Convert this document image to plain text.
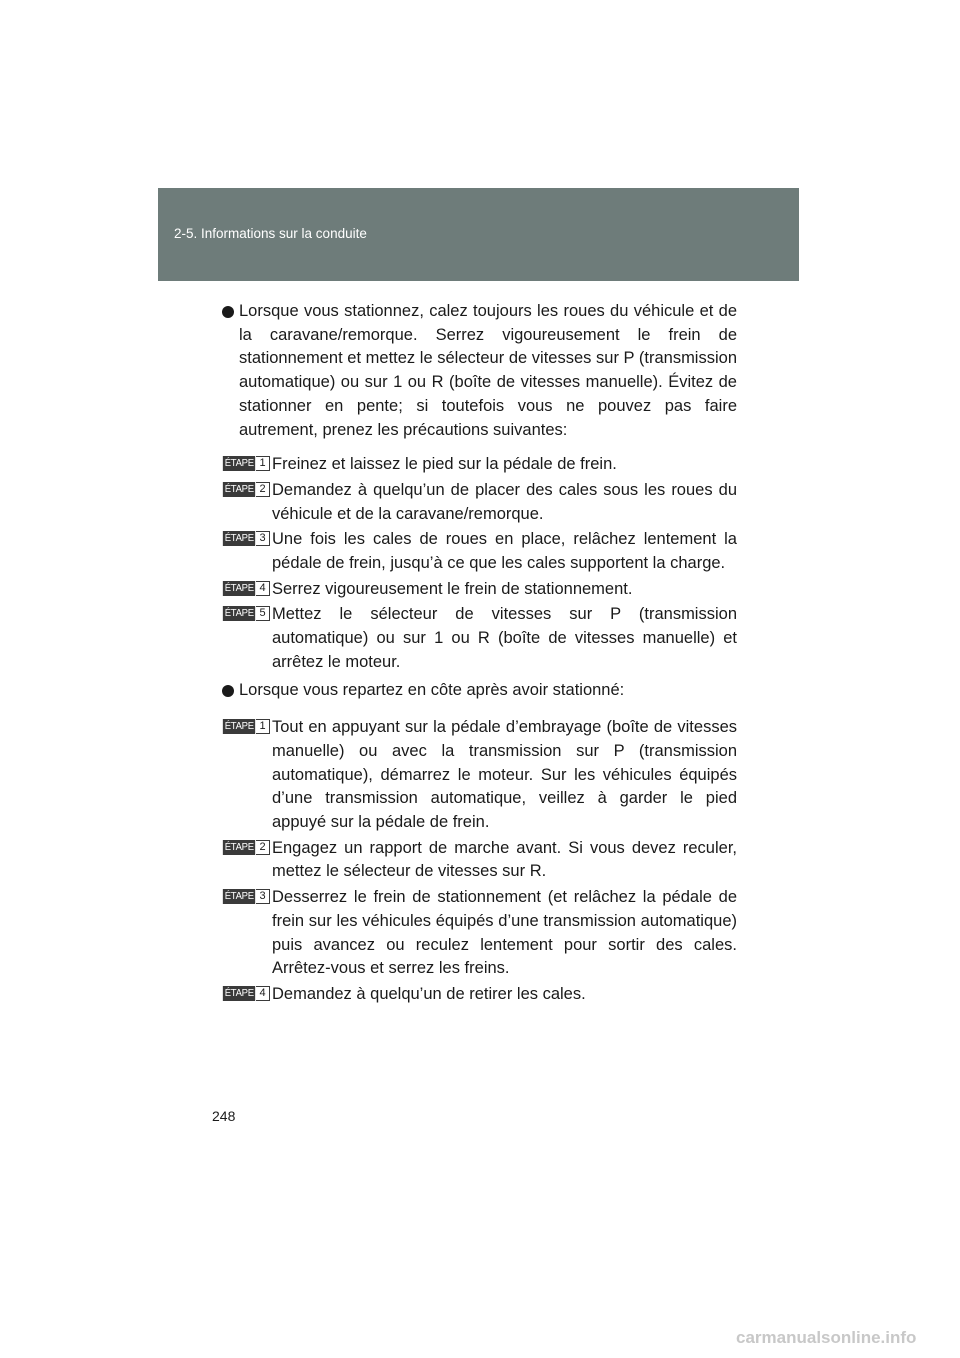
2-5. Informations sur la conduite
Lorsque vous stationnez, calez toujours les roues du véhicule et de la caravane/remorque. Serrez vigoureusement le frein de stationnement et mettez le sélecteur de vitesses sur P (transmission automatique) ou sur 1 ou R (boîte de vitesses manuelle). Évitez de stationner en pente; si toutefois vous ne pouvez pas faire autrement, prenez les précautions suivantes:
ÉTAPE 1 Freinez et laissez le pied sur la pédale de frein.
ÉTAPE 2 Demandez à quelqu’un de placer des cales sous les roues du véhicule et de la caravane/remorque.
ÉTAPE 3 Une fois les cales de roues en place, relâchez lentement la pédale de frein, jusqu’à ce que les cales supportent la charge.
ÉTAPE 4 Serrez vigoureusement le frein de stationnement.
ÉTAPE 5 Mettez le sélecteur de vitesses sur P (transmission automatique) ou sur 1 ou R (boîte de vitesses manuelle) et arrêtez le moteur.
Lorsque vous repartez en côte après avoir stationné:
ÉTAPE 1 Tout en appuyant sur la pédale d’embrayage (boîte de vitesses manuelle) ou avec la transmission sur P (transmission automatique), démarrez le moteur. Sur les véhicules équipés d’une transmission automatique, veillez à garder le pied appuyé sur la pédale de frein.
ÉTAPE 2 Engagez un rapport de marche avant. Si vous devez reculer, mettez le sélecteur de vitesses sur R.
ÉTAPE 3 Desserrez le frein de stationnement (et relâchez la pédale de frein sur les véhicules équipés d’une transmission automatique) puis avancez ou reculez lentement pour sortir des cales. Arrêtez-vous et serrez les freins.
ÉTAPE 4 Demandez à quelqu’un de retirer les cales.
248
carmanualsonline.info
